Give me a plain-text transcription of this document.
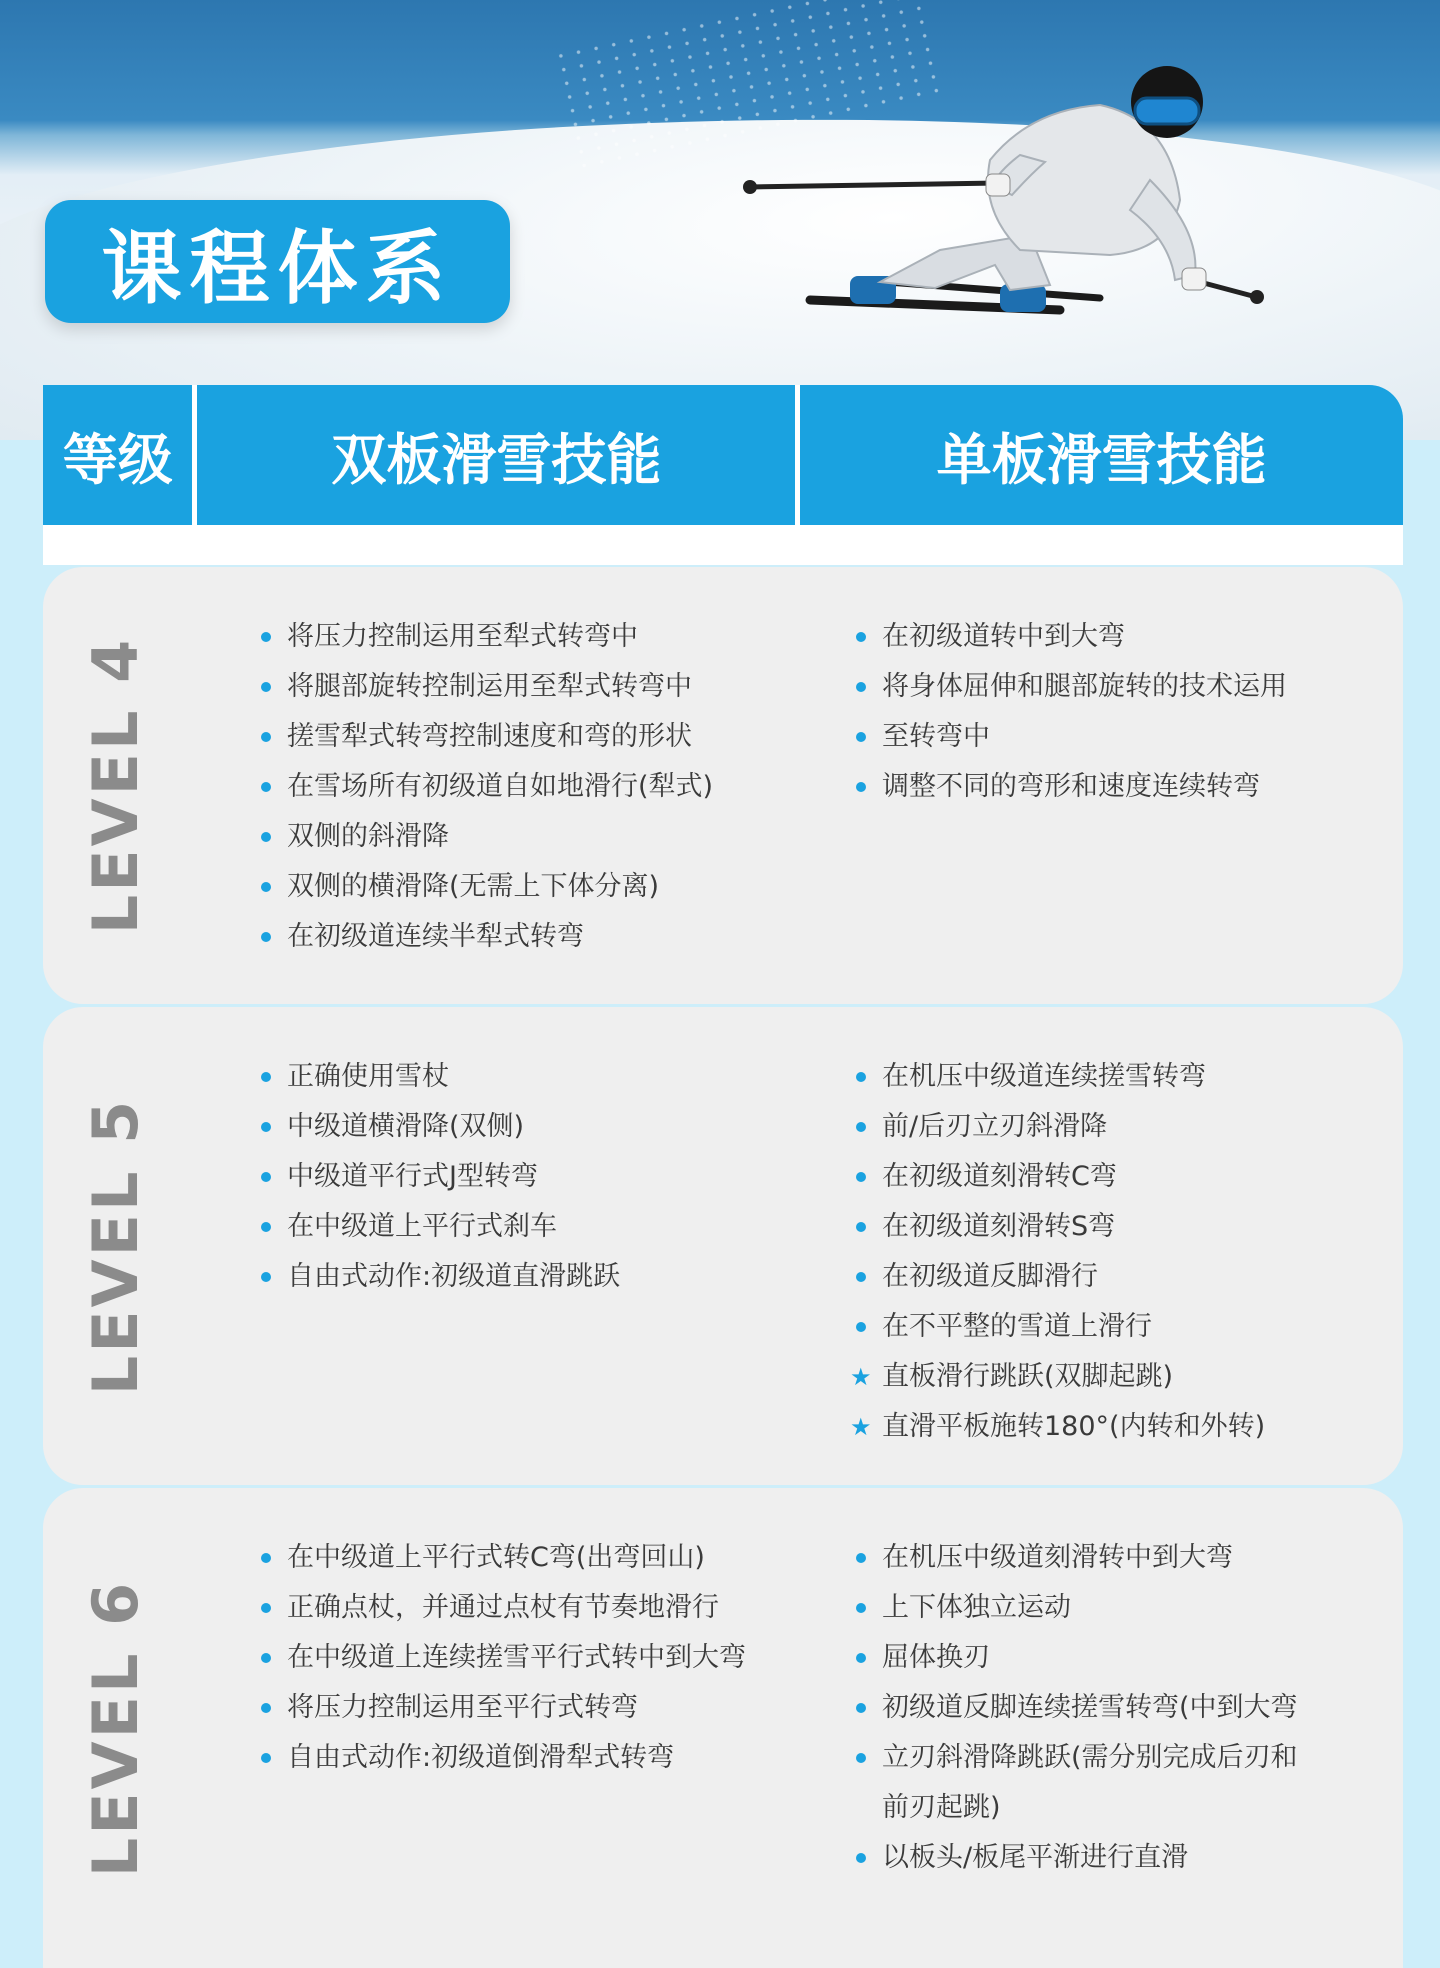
课程体系
等级	双板滑雪技能	单板滑雪技能
LEVEL 4
将压力控制运用至犁式转弯中
将腿部旋转控制运用至犁式转弯中
搓雪犁式转弯控制速度和弯的形状
在雪场所有初级道自如地滑行(犁式)
双侧的斜滑降
双侧的横滑降(无需上下体分离)
在初级道连续半犁式转弯
在初级道转中到大弯
将身体屈伸和腿部旋转的技术运用
至转弯中
调整不同的弯形和速度连续转弯
LEVEL 5
正确使用雪杖
中级道横滑降(双侧)
中级道平行式J型转弯
在中级道上平行式刹车
自由式动作:初级道直滑跳跃
在机压中级道连续搓雪转弯
前/后刃立刃斜滑降
在初级道刻滑转C弯
在初级道刻滑转S弯
在初级道反脚滑行
在不平整的雪道上滑行
★ 直板滑行跳跃(双脚起跳)
★ 直滑平板施转180°(内转和外转)
LEVEL 6
在中级道上平行式转C弯(出弯回山)
正确点杖，并通过点杖有节奏地滑行
在中级道上连续搓雪平行式转中到大弯
将压力控制运用至平行式转弯
自由式动作:初级道倒滑犁式转弯
在机压中级道刻滑转中到大弯
上下体独立运动
屈体换刃
初级道反脚连续搓雪转弯(中到大弯
立刃斜滑降跳跃(需分别完成后刃和前刃起跳)
以板头/板尾平渐进行直滑
